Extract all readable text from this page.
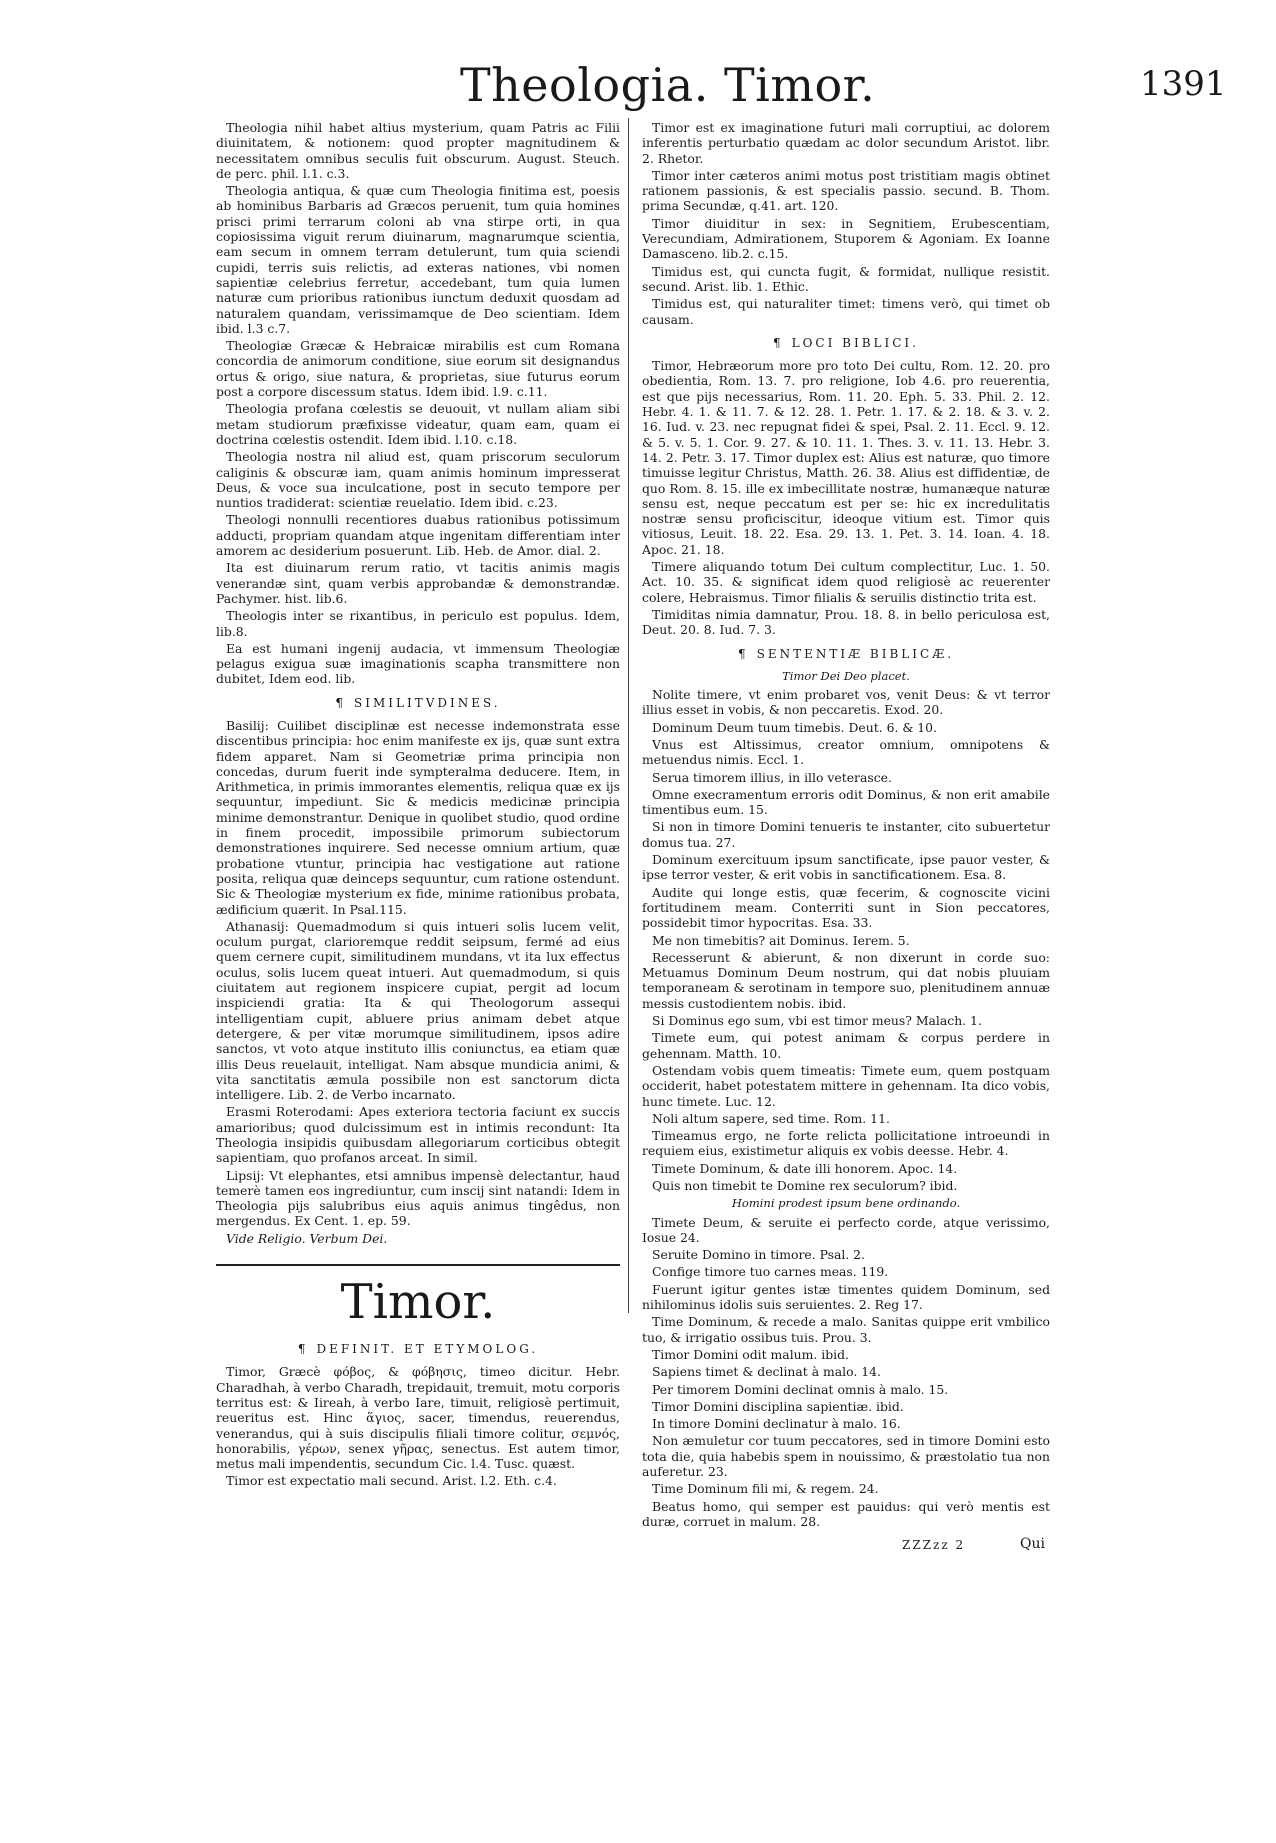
Theologia. Timor.	1391

Theologia nihil habet altius mysterium, quam Patris ac Filii diuinitatem, & notionem: quod propter magnitudinem & necessitatem omnibus seculis fuit obscurum. August. Steuch. de perc. phil. l.1. c.3.

Theologia antiqua, & quæ cum Theologia finitima est, poesis ab hominibus Barbaris ad Græcos peruenit, tum quia homines prisci primi terrarum coloni ab vna stirpe orti, in qua copiosissima viguit rerum diuinarum, magnarumque scientia, eam secum in omnem terram detulerunt, tum quia sciendi cupidi, terris suis relictis, ad exteras nationes, vbi nomen sapientiæ celebrius ferretur, accedebant, tum quia lumen naturæ cum prioribus rationibus iunctum deduxit quosdam ad naturalem quandam, verissimamque de Deo scientiam. Idem ibid. l.3 c.7.

Theologiæ Græcæ & Hebraicæ mirabilis est cum Romana concordia de animorum conditione, siue eorum sit designandus ortus & origo, siue natura, & proprietas, siue futurus eorum post a corpore discessum status. Idem ibid. l.9. c.11.

Theologia profana cœlestis se deuouit, vt nullam aliam sibi metam studiorum præfixisse videatur, quam eam, quam ei doctrina cœlestis ostendit. Idem ibid. l.10. c.18.

Theologia nostra nil aliud est, quam priscorum seculorum caliginis & obscuræ iam, quam animis hominum impresserat Deus, & voce sua inculcatione, post in secuto tempore per nuntios tradiderat: scientiæ reuelatio. Idem ibid. c.23.

Theologi nonnulli recentiores duabus rationibus potissimum adducti, propriam quandam atque ingenitam differentiam inter amorem ac desiderium posuerunt. Lib. Heb. de Amor. dial. 2.

Ita est diuinarum rerum ratio, vt tacitis animis magis venerandæ sint, quam verbis approbandæ & demonstrandæ. Pachymer. hist. lib.6.

Theologis inter se rixantibus, in periculo est populus. Idem, lib.8.

Ea est humani ingenij audacia, vt immensum Theologiæ pelagus exigua suæ imaginationis scapha transmittere non dubitet, Idem eod. lib.

¶ SIMILITVDINES.

Basilij: Cuilibet disciplinæ est necesse indemonstrata esse discentibus principia: hoc enim manifeste ex ijs, quæ sunt extra fidem apparet. Nam si Geometriæ prima principia non concedas, durum fuerit inde sympteralma deducere. Item, in Arithmetica, in primis immorantes elementis, reliqua quæ ex ijs sequuntur, impediunt. Sic & medicis medicinæ principia minime demonstrantur. Denique in quolibet studio, quod ordine in finem procedit, impossibile primorum subiectorum demonstrationes inquirere. Sed necesse omnium artium, quæ probatione vtuntur, principia hac vestigatione aut ratione posita, reliqua quæ deinceps sequuntur, cum ratione ostendunt. Sic & Theologiæ mysterium ex fide, minime rationibus probata, ædificium quærit. In Psal.115.

Athanasij: Quemadmodum si quis intueri solis lucem velit, oculum purgat, clarioremque reddit seipsum, fermé ad eius quem cernere cupit, similitudinem mundans, vt ita lux effectus oculus, solis lucem queat intueri. Aut quemadmodum, si quis ciuitatem aut regionem inspicere cupiat, pergit ad locum inspiciendi gratia: Ita & qui Theologorum assequi intelligentiam cupit, abluere prius animam debet atque detergere, & per vitæ morumque similitudinem, ipsos adire sanctos, vt voto atque instituto illis coniunctus, ea etiam quæ illis Deus reuelauit, intelligat. Nam absque mundicia animi, & vita sanctitatis æmula possibile non est sanctorum dicta intelligere. Lib. 2. de Verbo incarnato.

Erasmi Roterodami: Apes exteriora tectoria faciunt ex succis amarioribus; quod dulcissimum est in intimis recondunt: Ita Theologia insipidis quibusdam allegoriarum corticibus obtegit sapientiam, quo profanos arceat. In simil.

Lipsij: Vt elephantes, etsi amnibus impensè delectantur, haud temerè tamen eos ingrediuntur, cum inscij sint natandi: Idem in Theologia pijs salubribus eius aquis animus tingêdus, non mergendus. Ex Cent. 1. ep. 59.

Vide Religio. Verbum Dei.

Timor.
¶ DEFINIT. ET ETYMOLOG.

Timor, Græcè φόβος, & φόβησις, timeo dicitur. Hebr. Charadhah, à verbo Charadh, trepidauit, tremuit, motu corporis territus est: & Iireah, à verbo Iare, timuit, religiosè pertimuit, reueritus est. Hinc ἅγιος, sacer, timendus, reuerendus, venerandus, qui à suis discipulis filiali timore colitur, σεμνός, honorabilis, γέρων, senex γῆρας, senectus. Est autem timor, metus mali impendentis, secundum Cic. l.4. Tusc. quæst.

Timor est expectatio mali secund. Arist. l.2. Eth. c.4.

Timor est ex imaginatione futuri mali corruptiui, ac dolorem inferentis perturbatio quædam ac dolor secundum Aristot. libr. 2. Rhetor.

Timor inter cæteros animi motus post tristitiam magis obtinet rationem passionis, & est specialis passio. secund. B. Thom. prima Secundæ, q.41. art. 120.

Timor diuiditur in sex: in Segnitiem, Erubescentiam, Verecundiam, Admirationem, Stuporem & Agoniam. Ex Ioanne Damasceno. lib.2. c.15.

Timidus est, qui cuncta fugit, & formidat, nullique resistit. secund. Arist. lib. 1. Ethic.

Timidus est, qui naturaliter timet: timens verò, qui timet ob causam.

¶ LOCI BIBLICI.

Timor, Hebræorum more pro toto Dei cultu, Rom. 12. 20. pro obedientia, Rom. 13. 7. pro religione, Iob 4.6. pro reuerentia, est que pijs necessarius, Rom. 11. 20. Eph. 5. 33. Phil. 2. 12. Hebr. 4. 1. & 11. 7. & 12. 28. 1. Petr. 1. 17. & 2. 18. & 3. v. 2. 16. Iud. v. 23. nec repugnat fidei & spei, Psal. 2. 11. Eccl. 9. 12. & 5. v. 5. 1. Cor. 9. 27. & 10. 11. 1. Thes. 3. v. 11. 13. Hebr. 3. 14. 2. Petr. 3. 17. Timor duplex est: Alius est naturæ, quo timore timuisse legitur Christus, Matth. 26. 38. Alius est diffidentiæ, de quo Rom. 8. 15. ille ex imbecillitate nostræ, humanæque naturæ sensu est, neque peccatum est per se: hic ex incredulitatis nostræ sensu proficiscitur, ideoque vitium est. Timor quis vitiosus, Leuit. 18. 22. Esa. 29. 13. 1. Pet. 3. 14. Ioan. 4. 18. Apoc. 21. 18.

Timere aliquando totum Dei cultum complectitur, Luc. 1. 50. Act. 10. 35. & significat idem quod religiosè ac reuerenter colere, Hebraismus. Timor filialis & seruilis distinctio trita est.

Timiditas nimia damnatur, Prou. 18. 8. in bello periculosa est, Deut. 20. 8. Iud. 7. 3.

¶ SENTENTIÆ BIBLICÆ.
Timor Dei Deo placet.

Nolite timere, vt enim probaret vos, venit Deus: & vt terror illius esset in vobis, & non peccaretis. Exod. 20.

Dominum Deum tuum timebis. Deut. 6. & 10.

Vnus est Altissimus, creator omnium, omnipotens & metuendus nimis. Eccl. 1.

Serua timorem illius, in illo veterasce.

Omne execramentum erroris odit Dominus, & non erit amabile timentibus eum. 15.

Si non in timore Domini tenueris te instanter, cito subuertetur domus tua. 27.

Dominum exercituum ipsum sanctificate, ipse pauor vester, & ipse terror vester, & erit vobis in sanctificationem. Esa. 8.

Audite qui longe estis, quæ fecerim, & cognoscite vicini fortitudinem meam. Conterriti sunt in Sion peccatores, possidebit timor hypocritas. Esa. 33.

Me non timebitis? ait Dominus. Ierem. 5.

Recesserunt & abierunt, & non dixerunt in corde suo: Metuamus Dominum Deum nostrum, qui dat nobis pluuiam temporaneam & serotinam in tempore suo, plenitudinem annuæ messis custodientem nobis. ibid.

Si Dominus ego sum, vbi est timor meus? Malach. 1.

Timete eum, qui potest animam & corpus perdere in gehennam. Matth. 10.

Ostendam vobis quem timeatis: Timete eum, quem postquam occiderit, habet potestatem mittere in gehennam. Ita dico vobis, hunc timete. Luc. 12.

Noli altum sapere, sed time. Rom. 11.

Timeamus ergo, ne forte relicta pollicitatione introeundi in requiem eius, existimetur aliquis ex vobis deesse. Hebr. 4.

Timete Dominum, & date illi honorem. Apoc. 14.

Quis non timebit te Domine rex seculorum? ibid.

Homini prodest ipsum bene ordinando.

Timete Deum, & seruite ei perfecto corde, atque verissimo, Iosue 24.

Seruite Domino in timore. Psal. 2.

Confige timore tuo carnes meas. 119.

Fuerunt igitur gentes istæ timentes quidem Dominum, sed nihilominus idolis suis seruientes. 2. Reg 17.

Time Dominum, & recede a malo. Sanitas quippe erit vmbilico tuo, & irrigatio ossibus tuis. Prou. 3.

Timor Domini odit malum. ibid.

Sapiens timet & declinat à malo. 14.

Per timorem Domini declinat omnis à malo. 15.

Timor Domini disciplina sapientiæ. ibid.

In timore Domini declinatur à malo. 16.

Non æmuletur cor tuum peccatores, sed in timore Domini esto tota die, quia habebis spem in nouissimo, & præstolatio tua non auferetur. 23.

Time Dominum fili mi, & regem. 24.

Beatus homo, qui semper est pauidus: qui verò mentis est duræ, corruet in malum. 28.

ZZZzz 2	Qui
